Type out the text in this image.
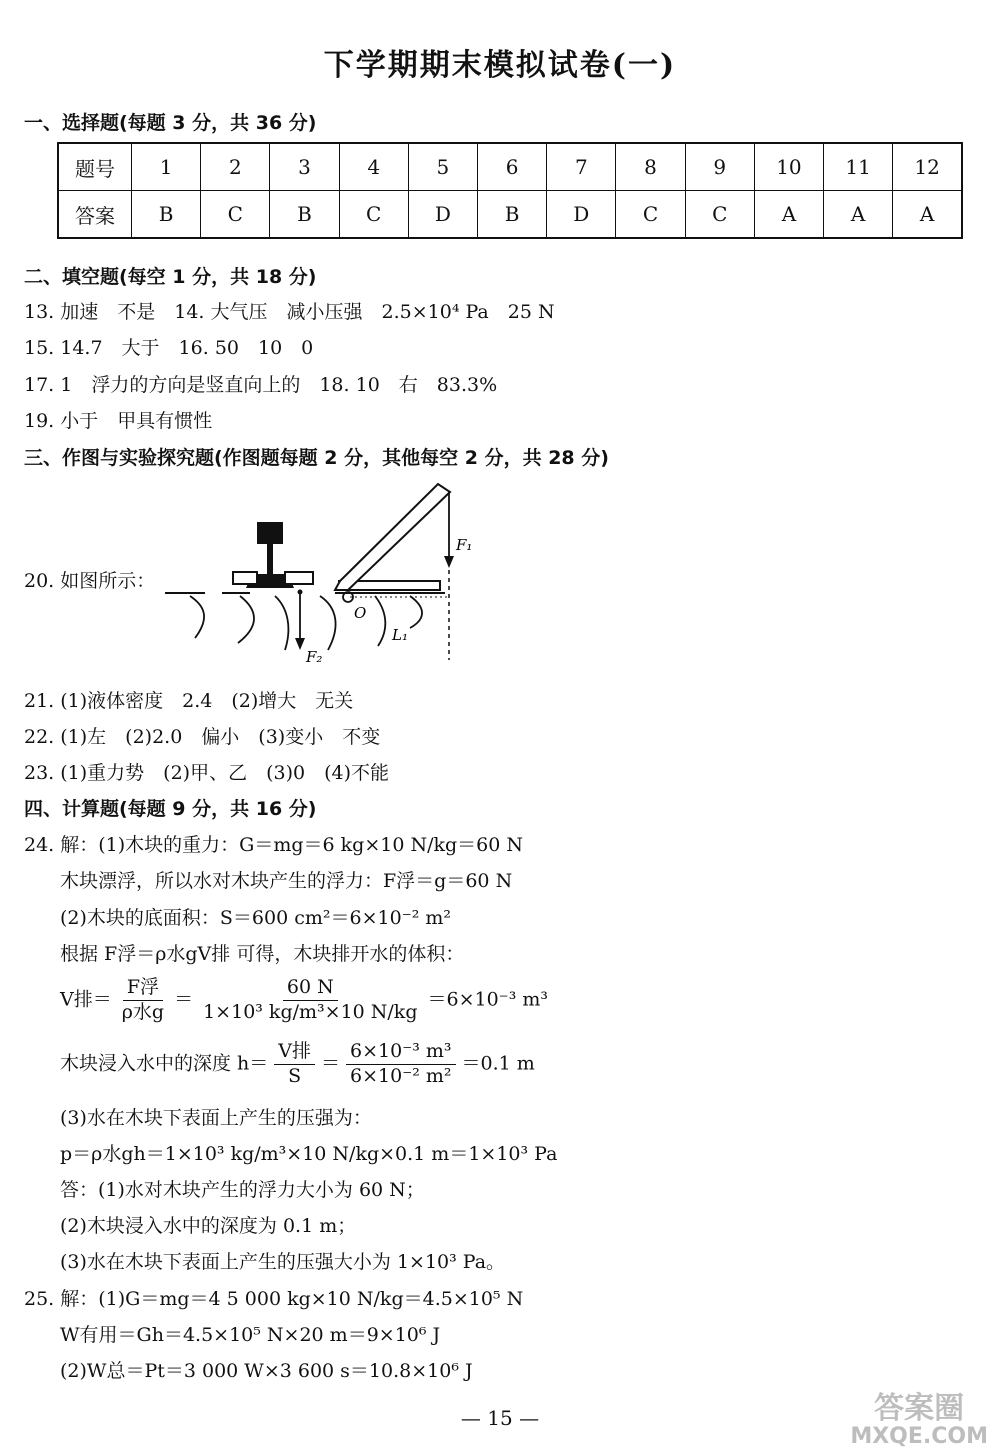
下学期期末模拟试卷(一)
一、选择题(每题 3 分，共 36 分)
题号	1	2	3	4	5	6	7	8	9	10	11	12
答案	B	C	B	C	D	B	D	C	C	A	A	A
二、填空题(每空 1 分，共 18 分)
13. 加速　不是　14. 大气压　减小压强　2.5×10⁴ Pa　25 N
15. 14.7　大于　16. 50　10　0
17. 1　浮力的方向是竖直向上的　18. 10　右　83.3%
19. 小于　甲具有惯性
三、作图与实验探究题(作图题每题 2 分，其他每空 2 分，共 28 分)
20. 如图所示：
F₁
F₂
O
L₁
21. (1)液体密度　2.4　(2)增大　无关
22. (1)左　(2)2.0　偏小　(3)变小　不变
23. (1)重力势　(2)甲、乙　(3)0　(4)不能
四、计算题(每题 9 分，共 16 分)
24. 解：(1)木块的重力：G＝mg＝6 kg×10 N/kg＝60 N
木块漂浮，所以水对木块产生的浮力：F浮＝g＝60 N
(2)木块的底面积：S＝600 cm²＝6×10⁻² m²
根据 F浮＝ρ水gV排 可得，木块排开水的体积：
V排＝ $\frac{\text{F浮}}{\text{ρ水g}} = \frac{60 N}{\text{1×10³ kg/m³×10 N/kg}} =6\times 10^{-3}$ m³
木块浸入水中的深度 $h= \frac{\text{V排}}{S} = \frac{\text{6×10⁻³ m³}}{\text{6×10⁻² m²}} =0.1$ m
(3)水在木块下表面上产生的压强为：
p＝ρ水gh＝1×10³ kg/m³×10 N/kg×0.1 m＝1×10³ Pa
答：(1)水对木块产生的浮力大小为 60 N；
(2)木块浸入水中的深度为 0.1 m；
(3)水在木块下表面上产生的压强大小为 1×10³ Pa。
25. 解：(1)G＝mg＝4 5 000 kg×10 N/kg＝4.5×10⁵ N
W有用＝Gh＝4.5×10⁵ N×20 m＝9×10⁶ J
(2)W总＝Pt＝3 000 W×3 600 s＝10.8×10⁶ J
— 15 —	答案圈
MXQE.COM
